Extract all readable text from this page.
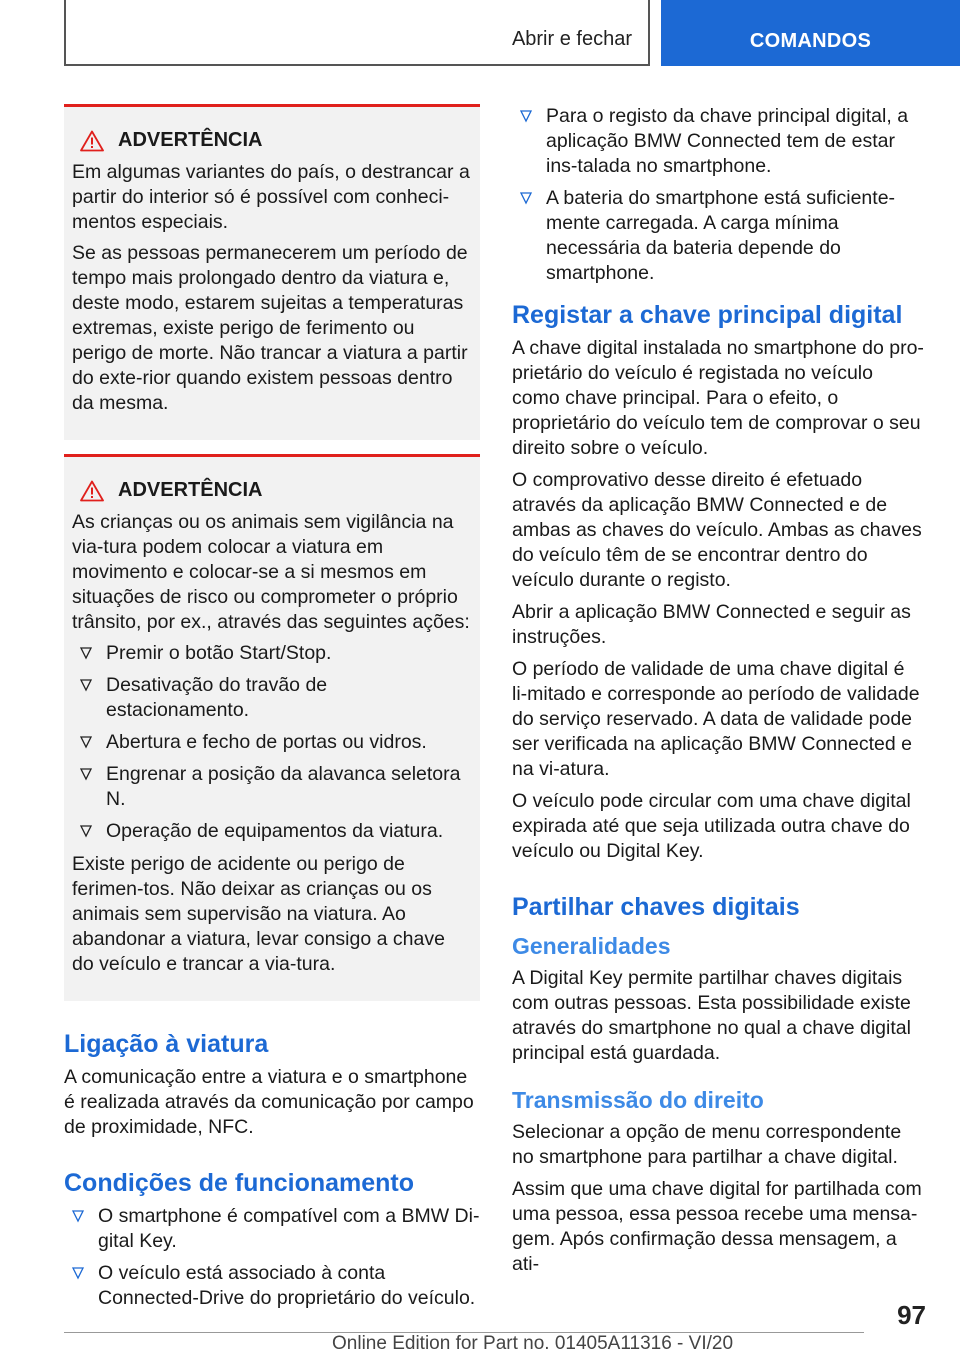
Abrir e fechar	COMANDOS
ADVERTÊNCIA

Em algumas variantes do país, o destrancar a partir do interior só é possível com conheci-mentos especiais.

Se as pessoas permanecerem um período de tempo mais prolongado dentro da viatura e, deste modo, estarem sujeitas a temperaturas extremas, existe perigo de ferimento ou perigo de morte. Não trancar a viatura a partir do exte-rior quando existem pessoas dentro da mesma.

ADVERTÊNCIA

As crianças ou os animais sem vigilância na via-tura podem colocar a viatura em movimento e colocar-se a si mesmos em situações de risco ou comprometer o próprio trânsito, por ex., através das seguintes ações:

Premir o botão Start/Stop.
Desativação do travão de estacionamento.
Abertura e fecho de portas ou vidros.
Engrenar a posição da alavanca seletora N.
Operação de equipamentos da viatura.

Existe perigo de acidente ou perigo de ferimen-tos. Não deixar as crianças ou os animais sem supervisão na viatura. Ao abandonar a viatura, levar consigo a chave do veículo e trancar a via-tura.

Ligação à viatura

A comunicação entre a viatura e o smartphone é realizada através da comunicação por campo de proximidade, NFC.

Condições de funcionamento
O smartphone é compatível com a BMW Di-gital Key.
O veículo está associado à conta Connected-Drive do proprietário do veículo.
Para o registo da chave principal digital, a aplicação BMW Connected tem de estar ins-talada no smartphone.
A bateria do smartphone está suficiente-mente carregada. A carga mínima necessária da bateria depende do smartphone.
Registar a chave principal digital

A chave digital instalada no smartphone do pro-prietário do veículo é registada no veículo como chave principal. Para o efeito, o proprietário do veículo tem de comprovar o seu direito sobre o veículo.

O comprovativo desse direito é efetuado através da aplicação BMW Connected e de ambas as chaves do veículo. Ambas as chaves do veículo têm de se encontrar dentro do veículo durante o registo.

Abrir a aplicação BMW Connected e seguir as instruções.

O período de validade de uma chave digital é li-mitado e corresponde ao período de validade do serviço reservado. A data de validade pode ser verificada na aplicação BMW Connected e na vi-atura.

O veículo pode circular com uma chave digital expirada até que seja utilizada outra chave do veículo ou Digital Key.

Partilhar chaves digitais
Generalidades

A Digital Key permite partilhar chaves digitais com outras pessoas. Esta possibilidade existe através do smartphone no qual a chave digital principal está guardada.

Transmissão do direito

Selecionar a opção de menu correspondente no smartphone para partilhar a chave digital.

Assim que uma chave digital for partilhada com uma pessoa, essa pessoa recebe uma mensa-gem. Após confirmação dessa mensagem, a ati-

97
Online Edition for Part no. 01405A11316 - VI/20
